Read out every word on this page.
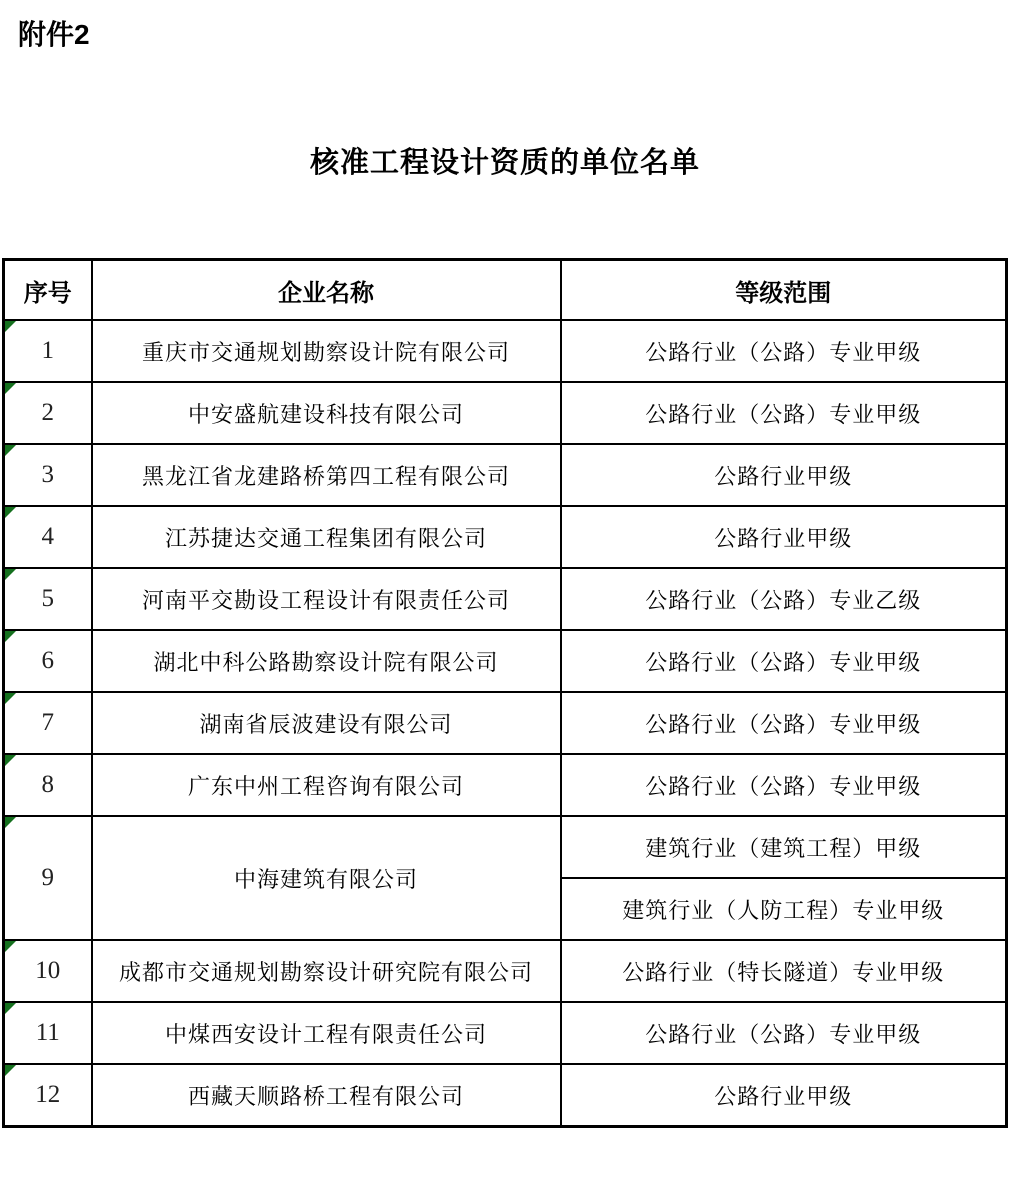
附件2
核准工程设计资质的单位名单
序号	企业名称	等级范围

1	重庆市交通规划勘察设计院有限公司	公路行业（公路）专业甲级

2	中安盛航建设科技有限公司	公路行业（公路）专业甲级

3	黑龙江省龙建路桥第四工程有限公司	公路行业甲级

4	江苏捷达交通工程集团有限公司	公路行业甲级

5	河南平交勘设工程设计有限责任公司	公路行业（公路）专业乙级

6	湖北中科公路勘察设计院有限公司	公路行业（公路）专业甲级

7	湖南省辰波建设有限公司	公路行业（公路）专业甲级

8	广东中州工程咨询有限公司	公路行业（公路）专业甲级

9	中海建筑有限公司	建筑行业（建筑工程）甲级
		建筑行业（人防工程）专业甲级

10	成都市交通规划勘察设计研究院有限公司	公路行业（特长隧道）专业甲级

11	中煤西安设计工程有限责任公司	公路行业（公路）专业甲级

12	西藏天顺路桥工程有限公司	公路行业甲级
